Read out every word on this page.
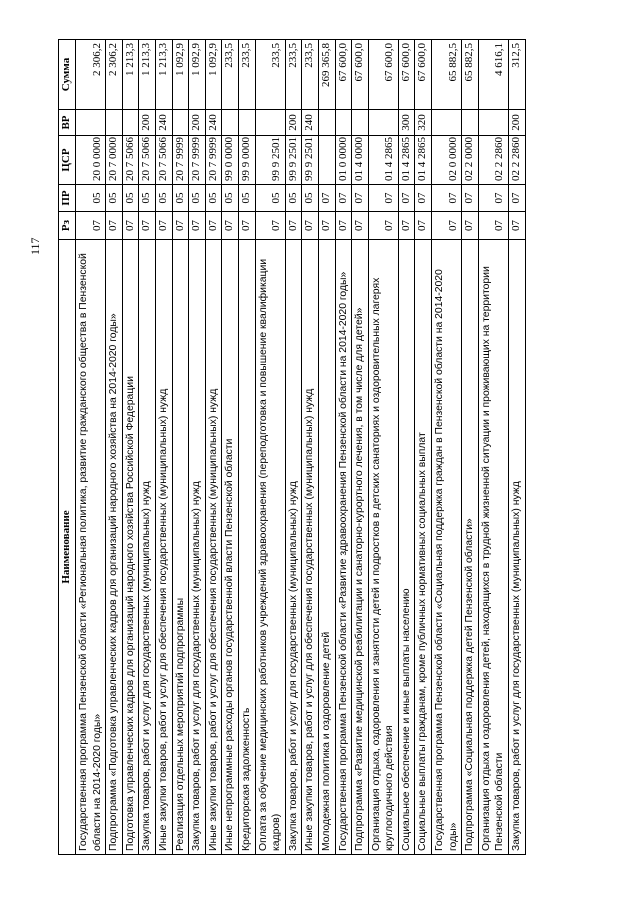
117
Наименование	Рз	ПР	ЦСР	ВР	Сумма
Государственная программа Пензенской области «Региональная политика, развитие гражданского общества в Пензенской области на 2014-2020 годы»	07	05	20 0 0000		2 306,2
Подпрограмма «Подготовка управленческих кадров для организаций народного хозяйства на 2014-2020 годы»	07	05	20 7 0000		2 306,2
Подготовка управленческих кадров для организаций народного хозяйства Российской Федерации	07	05	20 7 5066		1 213,3
Закупка товаров, работ и услуг для государственных (муниципальных) нужд	07	05	20 7 5066	200	1 213,3
Иные закупки товаров, работ и услуг для обеспечения государственных (муниципальных) нужд	07	05	20 7 5066	240	1 213,3
Реализация отдельных мероприятий подпрограммы	07	05	20 7 9999		1 092,9
Закупка товаров, работ и услуг для государственных (муниципальных) нужд	07	05	20 7 9999	200	1 092,9
Иные закупки товаров, работ и услуг для обеспечения государственных (муниципальных) нужд	07	05	20 7 9999	240	1 092,9
Иные непрограммные расходы органов государственной власти Пензенской области	07	05	99 0 0000		233,5
Кредиторская задолженность	07	05	99 9 0000		233,5
Оплата за обучение медицинских работников учреждений здравоохранения (переподготовка и повышение квалификации кадров)	07	05	99 9 2501		233,5
Закупка товаров, работ и услуг для государственных (муниципальных) нужд	07	05	99 9 2501	200	233,5
Иные закупки товаров, работ и услуг для обеспечения государственных (муниципальных) нужд	07	05	99 9 2501	240	233,5
Молодежная политика и оздоровление детей	07	07			269 365,8
Государственная программа Пензенской области «Развитие здравоохранения Пензенской области на 2014-2020 годы»	07	07	01 0 0000		67 600,0
Подпрограмма «Развитие медицинской реабилитации и санаторно-курортного лечения, в том числе для детей»	07	07	01 4 0000		67 600,0
Организация отдыха, оздоровления и занятости детей и подростков в детских санаториях и оздоровительных лагерях круглогодичного действия	07	07	01 4 2865		67 600,0
Социальное обеспечение и иные выплаты населению	07	07	01 4 2865	300	67 600,0
Социальные выплаты гражданам, кроме публичных нормативных социальных выплат	07	07	01 4 2865	320	67 600,0
Государственная программа Пензенской области «Социальная поддержка граждан в Пензенской области на 2014-2020 годы»	07	07	02 0 0000		65 882,5
Подпрограмма «Социальная поддержка детей Пензенской области»	07	07	02 2 0000		65 882,5
Организация отдыха и оздоровления детей, находящихся в трудной жизненной ситуации и проживающих на территории Пензенской области	07	07	02 2 2860		4 616,1
Закупка товаров, работ и услуг для государственных (муниципальных) нужд	07	07	02 2 2860	200	312,5
